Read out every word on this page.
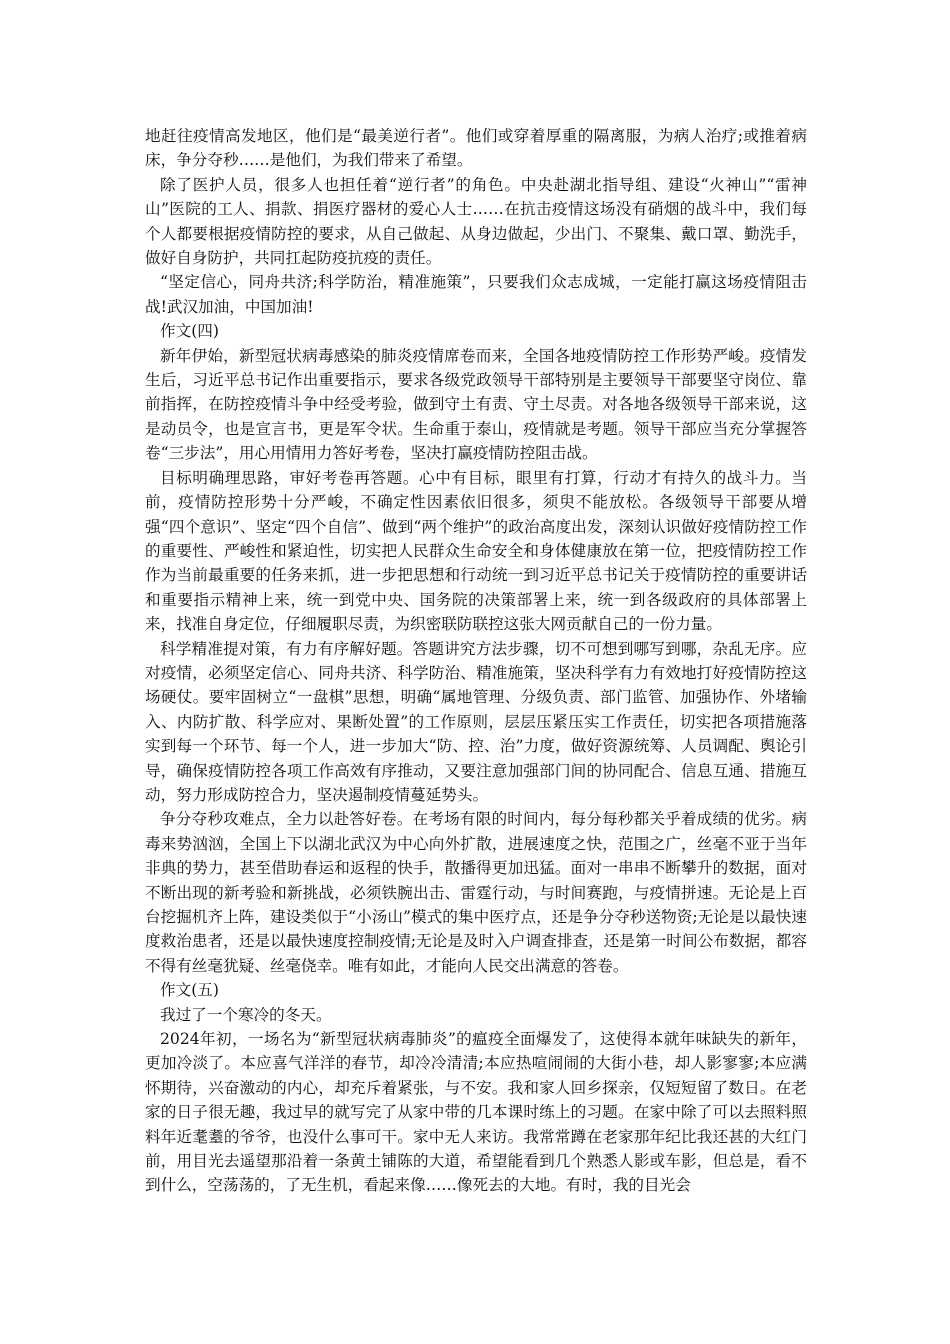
地赶往疫情高发地区，他们是“最美逆行者”。他们或穿着厚重的隔离服，为病人治疗;或推着病床，争分夺秒……是他们，为我们带来了希望。

除了医护人员，很多人也担任着“逆行者”的角色。中央赴湖北指导组、建设“火神山”“雷神山”医院的工人、捐款、捐医疗器材的爱心人士……在抗击疫情这场没有硝烟的战斗中，我们每个人都要根据疫情防控的要求，从自己做起、从身边做起，少出门、不聚集、戴口罩、勤洗手，做好自身防护，共同扛起防疫抗疫的责任。

“坚定信心，同舟共济;科学防治，精准施策”，只要我们众志成城，一定能打赢这场疫情阻击战!武汉加油，中国加油!

作文(四)

新年伊始，新型冠状病毒感染的肺炎疫情席卷而来，全国各地疫情防控工作形势严峻。疫情发生后，习近平总书记作出重要指示，要求各级党政领导干部特别是主要领导干部要坚守岗位、靠前指挥，在防控疫情斗争中经受考验，做到守土有责、守土尽责。对各地各级领导干部来说，这是动员令，也是宣言书，更是军令状。生命重于泰山，疫情就是考题。领导干部应当充分掌握答卷“三步法”，用心用情用力答好考卷，坚决打赢疫情防控阻击战。

目标明确理思路，审好考卷再答题。心中有目标，眼里有打算，行动才有持久的战斗力。当前，疫情防控形势十分严峻，不确定性因素依旧很多，须臾不能放松。各级领导干部要从增强“四个意识”、坚定“四个自信”、做到“两个维护”的政治高度出发，深刻认识做好疫情防控工作的重要性、严峻性和紧迫性，切实把人民群众生命安全和身体健康放在第一位，把疫情防控工作作为当前最重要的任务来抓，进一步把思想和行动统一到习近平总书记关于疫情防控的重要讲话和重要指示精神上来，统一到党中央、国务院的决策部署上来，统一到各级政府的具体部署上来，找准自身定位，仔细履职尽责，为织密联防联控这张大网贡献自己的一份力量。

科学精准提对策，有力有序解好题。答题讲究方法步骤，切不可想到哪写到哪，杂乱无序。应对疫情，必须坚定信心、同舟共济、科学防治、精准施策，坚决科学有力有效地打好疫情防控这场硬仗。要牢固树立“一盘棋”思想，明确“属地管理、分级负责、部门监管、加强协作、外堵输入、内防扩散、科学应对、果断处置”的工作原则，层层压紧压实工作责任，切实把各项措施落实到每一个环节、每一个人，进一步加大“防、控、治”力度，做好资源统筹、人员调配、舆论引导，确保疫情防控各项工作高效有序推动，又要注意加强部门间的协同配合、信息互通、措施互动，努力形成防控合力，坚决遏制疫情蔓延势头。

争分夺秒攻难点，全力以赴答好卷。在考场有限的时间内，每分每秒都关乎着成绩的优劣。病毒来势汹汹，全国上下以湖北武汉为中心向外扩散，进展速度之快，范围之广，丝毫不亚于当年非典的势力，甚至借助春运和返程的快手，散播得更加迅猛。面对一串串不断攀升的数据，面对不断出现的新考验和新挑战，必须铁腕出击、雷霆行动，与时间赛跑，与疫情拼速。无论是上百台挖掘机齐上阵，建设类似于“小汤山”模式的集中医疗点，还是争分夺秒送物资;无论是以最快速度救治患者，还是以最快速度控制疫情;无论是及时入户调查排查，还是第一时间公布数据，都容不得有丝毫犹疑、丝毫侥幸。唯有如此，才能向人民交出满意的答卷。

作文(五)

我过了一个寒冷的冬天。

2024年初，一场名为“新型冠状病毒肺炎”的瘟疫全面爆发了，这使得本就年味缺失的新年，更加冷淡了。本应喜气洋洋的春节，却冷冷清清;本应热喧闹闹的大街小巷，却人影寥寥;本应满怀期待，兴奋激动的内心，却充斥着紧张，与不安。我和家人回乡探亲，仅短短留了数日。在老家的日子很无趣，我过早的就写完了从家中带的几本课时练上的习题。在家中除了可以去照料照料年近耄耋的爷爷，也没什么事可干。家中无人来访。我常常蹲在老家那年纪比我还甚的大红门前，用目光去遥望那沿着一条黄土铺陈的大道，希望能看到几个熟悉人影或车影，但总是，看不到什么，空荡荡的，了无生机，看起来像……像死去的大地。有时，我的目光会
